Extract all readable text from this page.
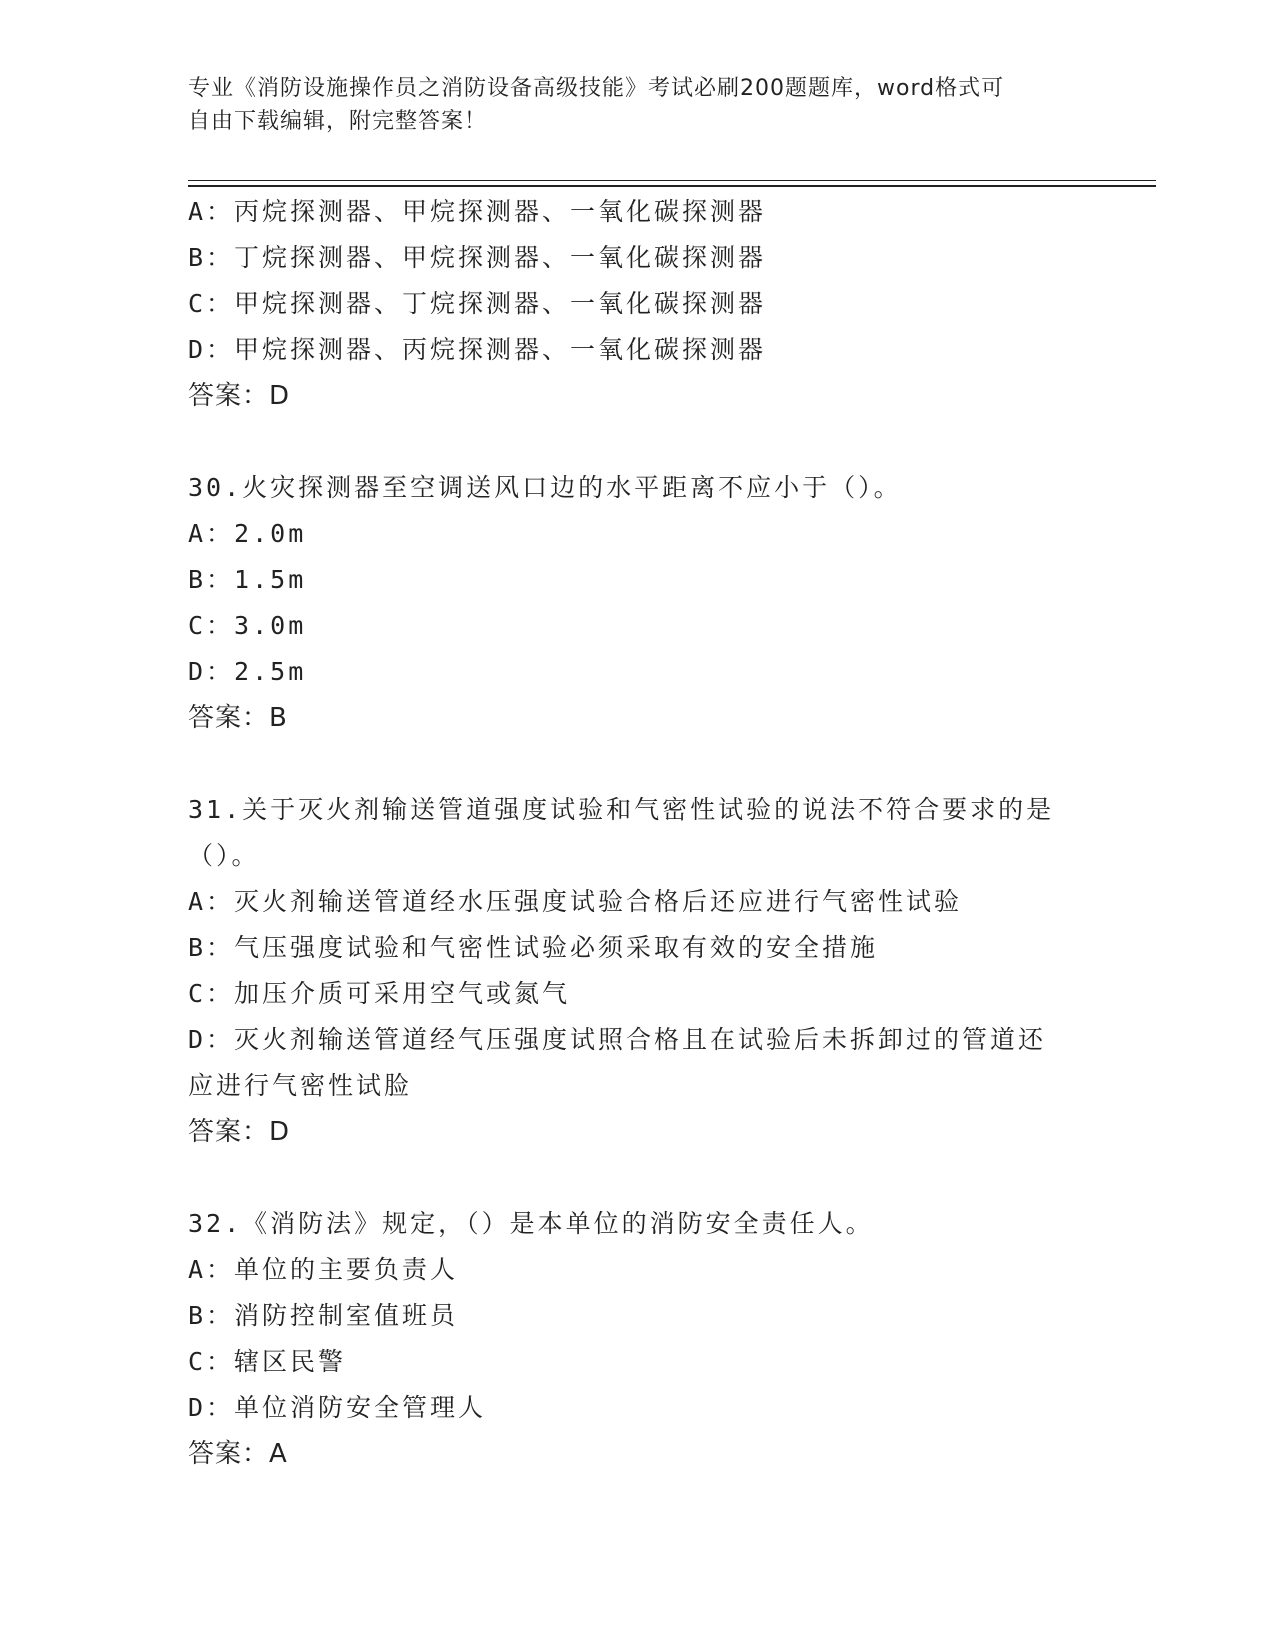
专业《消防设施操作员之消防设备高级技能》考试必刷200题题库，word格式可
自由下载编辑，附完整答案！
A：丙烷探测器、甲烷探测器、一氧化碳探测器
B：丁烷探测器、甲烷探测器、一氧化碳探测器
C：甲烷探测器、丁烷探测器、一氧化碳探测器
D：甲烷探测器、丙烷探测器、一氧化碳探测器
答案：D
30.火灾探测器至空调送风口边的水平距离不应小于（）。
A：2.0m
B：1.5m
C：3.0m
D：2.5m
答案：B
31.关于灭火剂输送管道强度试验和气密性试验的说法不符合要求的是
（）。
A：灭火剂输送管道经水压强度试验合格后还应进行气密性试验
B：气压强度试验和气密性试验必须采取有效的安全措施
C：加压介质可采用空气或氮气
D：灭火剂输送管道经气压强度试照合格且在试验后未拆卸过的管道还
应进行气密性试脸
答案：D
32.《消防法》规定，（）是本单位的消防安全责任人。
A：单位的主要负责人
B：消防控制室值班员
C：辖区民警
D：单位消防安全管理人
答案：A
